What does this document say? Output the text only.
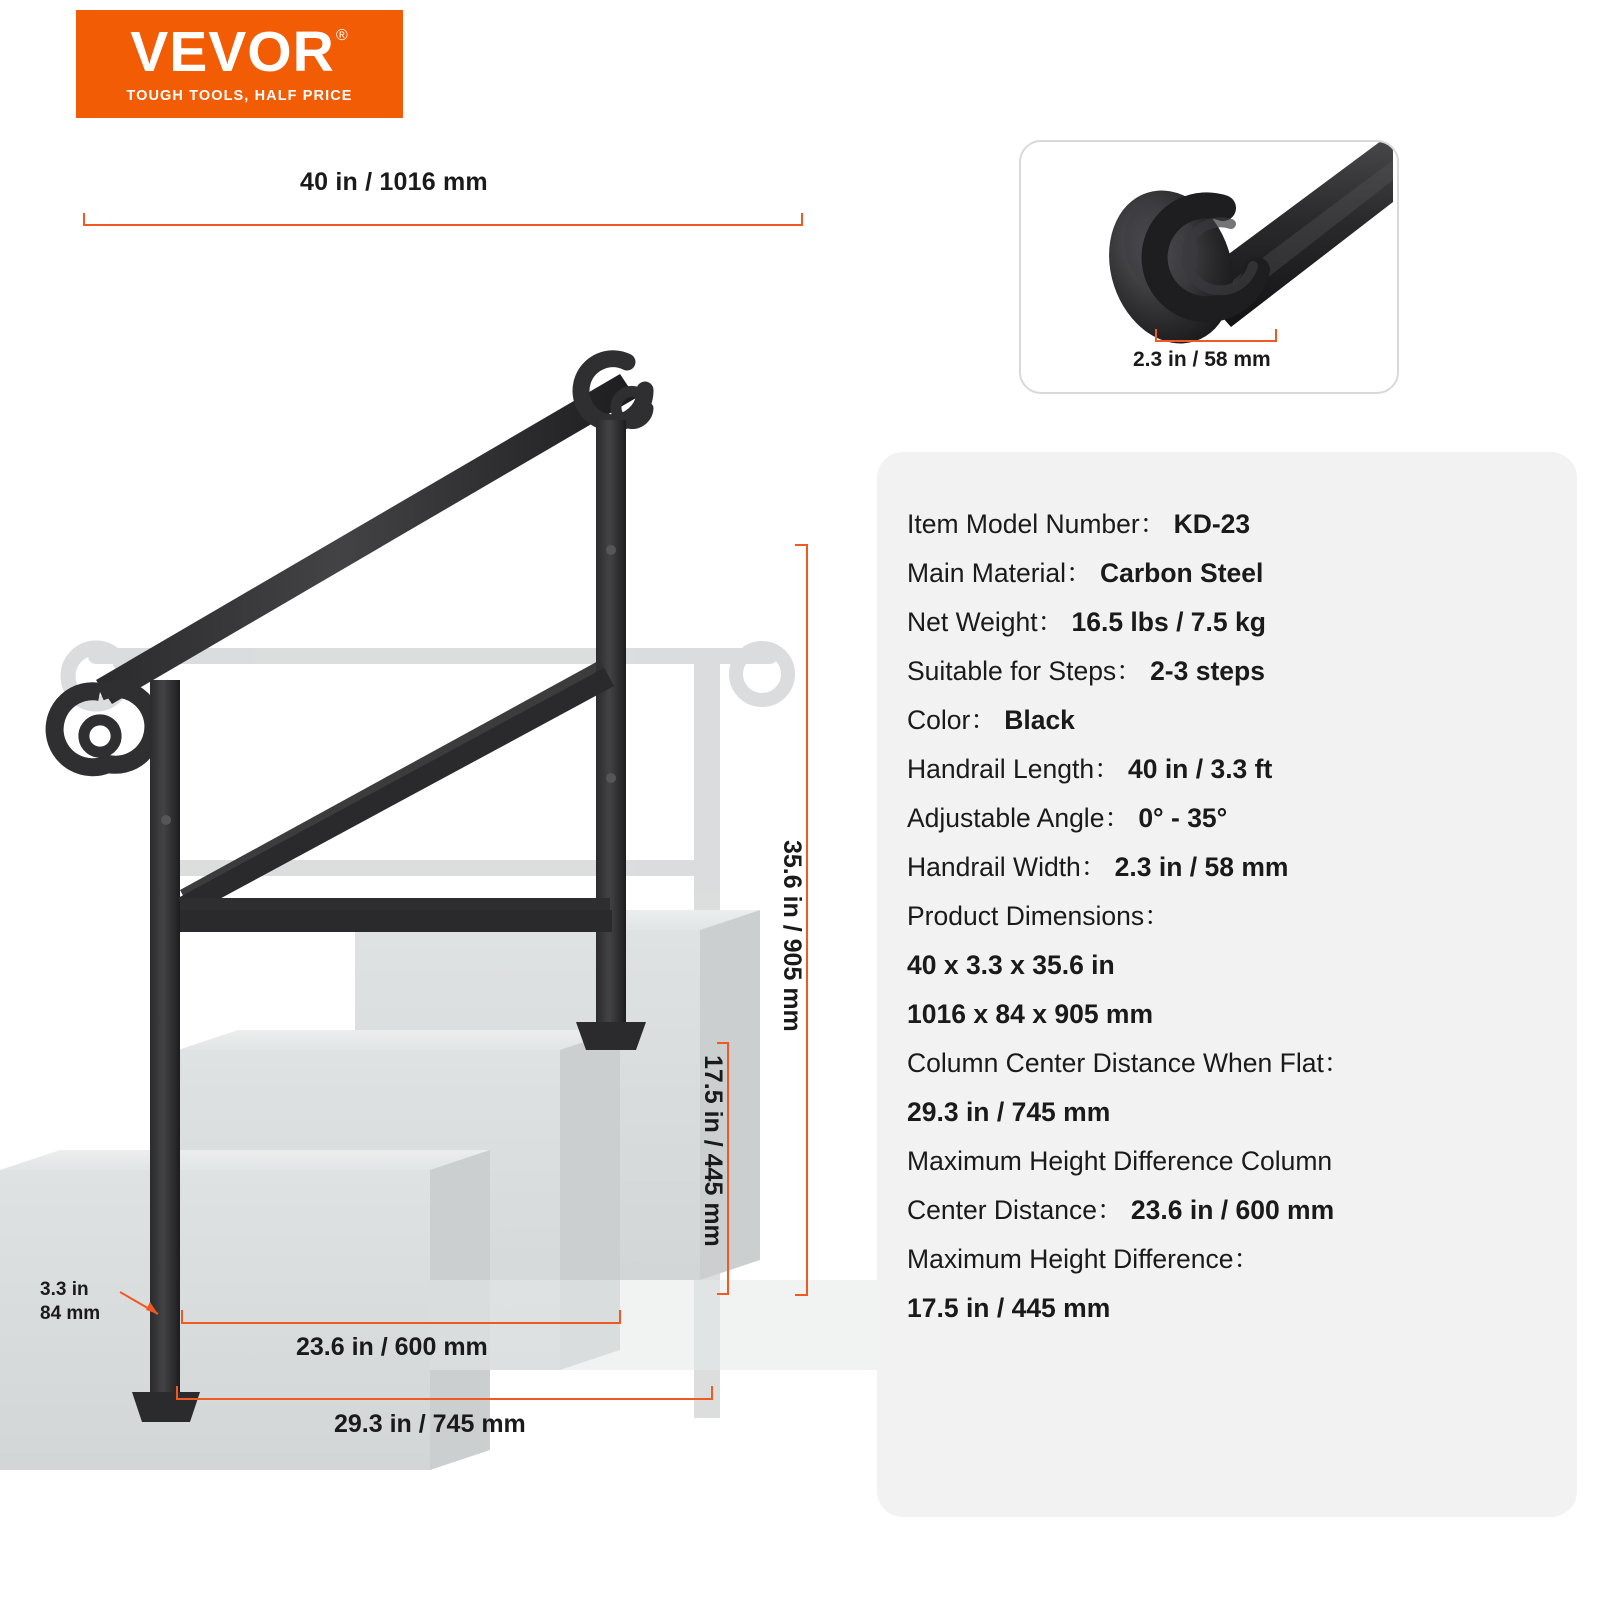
VEVOR ®
TOUGH TOOLS, HALF PRICE
40 in / 1016 mm
35.6 in / 905 mm
17.5 in / 445 mm
23.6 in / 600 mm
29.3 in / 745 mm
3.3 in
84 mm
2.3 in / 58 mm
Item Model Number： KD-23
Main Material： Carbon Steel
Net Weight： 16.5 lbs / 7.5 kg
Suitable for Steps： 2-3 steps
Color： Black
Handrail Length： 40 in / 3.3 ft
Adjustable Angle： 0° - 35°
Handrail Width： 2.3 in / 58 mm
Product Dimensions：
40 x 3.3 x 35.6 in
1016 x 84 x 905 mm
Column Center Distance When Flat：
29.3 in / 745 mm
Maximum Height Difference Column
Center Distance： 23.6 in / 600 mm
Maximum Height Difference：
17.5 in / 445 mm
